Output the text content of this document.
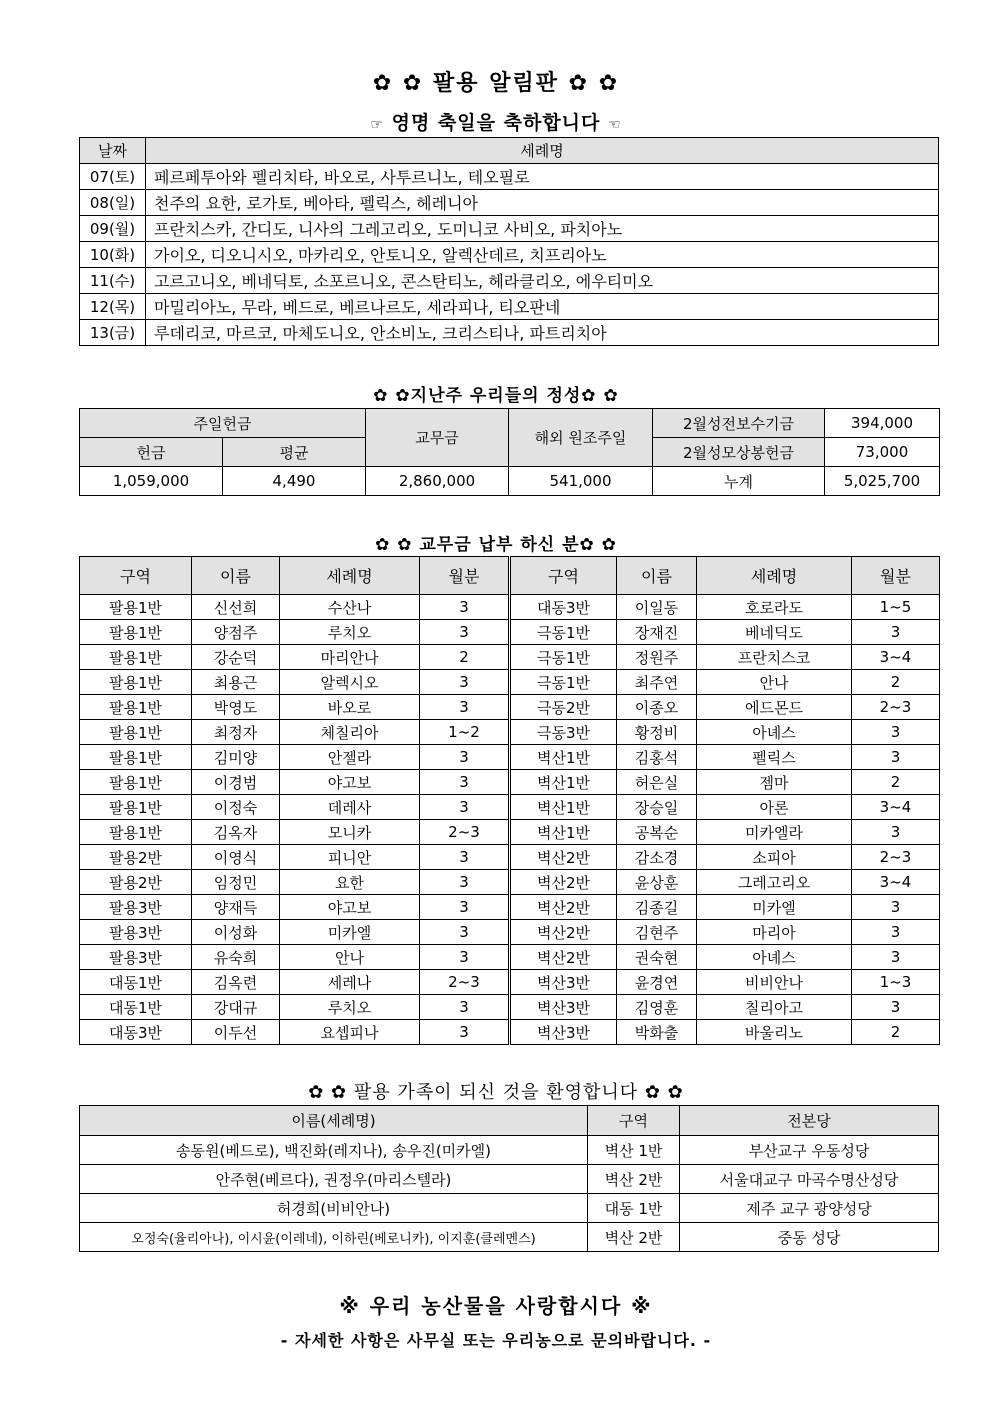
✿ ✿ 팔용 알림판 ✿ ✿
☞ 영명 축일을 축하합니다 ☜
날짜	세례명
07(토)	페르페투아와 펠리치타, 바오로, 사투르니노, 테오필로
08(일)	천주의 요한, 로가토, 베아타, 펠릭스, 헤레니아
09(월)	프란치스카, 간디도, 니사의 그레고리오, 도미니코 사비오, 파치아노
10(화)	가이오, 디오니시오, 마카리오, 안토니오, 알렉산데르, 치프리아노
11(수)	고르고니오, 베네딕토, 소포르니오, 콘스탄티노, 헤라클리오, 에우티미오
12(목)	마밀리아노, 무라, 베드로, 베르나르도, 세라피나, 티오판네
13(금)	루데리코, 마르코, 마체도니오, 안소비노, 크리스티나, 파트리치아
✿ ✿지난주 우리들의 정성✿ ✿
주일헌금		교무금	해외 원조주일	2월성전보수기금	394,000
헌금	평균			2월성모상봉헌금	73,000
1,059,000	4,490	2,860,000	541,000	누계	5,025,700
✿ ✿ 교무금 납부 하신 분✿ ✿
구역	이름	세례명	월분	구역	이름	세례명	월분
팔용1반	신선희	수산나	3	대동3반	이일동	호로라도	1~5
팔용1반	양점주	루치오	3	극동1반	장재진	베네딕도	3
팔용1반	강순덕	마리안나	2	극동1반	정원주	프란치스코	3~4
팔용1반	최용근	알렉시오	3	극동1반	최주연	안나	2
팔용1반	박영도	바오로	3	극동2반	이종오	에드몬드	2~3
팔용1반	최정자	체칠리아	1~2	극동3반	황정비	아녜스	3
팔용1반	김미양	안젤라	3	벽산1반	김홍석	펠릭스	3
팔용1반	이경범	야고보	3	벽산1반	허은실	젬마	2
팔용1반	이정숙	데레사	3	벽산1반	장승일	아론	3~4
팔용1반	김옥자	모니카	2~3	벽산1반	공복순	미카엘라	3
팔용2반	이영식	피니안	3	벽산2반	감소경	소피아	2~3
팔용2반	임정민	요한	3	벽산2반	윤상훈	그레고리오	3~4
팔용3반	양재득	야고보	3	벽산2반	김종길	미카엘	3
팔용3반	이성화	미카엘	3	벽산2반	김현주	마리아	3
팔용3반	유숙희	안나	3	벽산2반	권숙현	아녜스	3
대동1반	김옥련	세레나	2~3	벽산3반	윤경연	비비안나	1~3
대동1반	강대규	루치오	3	벽산3반	김영훈	칠리아고	3
대동3반	이두선	요셉피나	3	벽산3반	박화출	바울리노	2
✿ ✿ 팔용 가족이 되신 것을 환영합니다 ✿ ✿
이름(세례명)	구역	전본당
송동원(베드로), 백진화(레지나), 송우진(미카엘)	벽산 1반	부산교구 우동성당
안주현(베르다), 권정우(마리스텔라)	벽산 2반	서울대교구 마곡수명산성당
허경희(비비안나)	대동 1반	제주 교구 광양성당
오정숙(율리아나), 이시윤(이레네), 이하린(베로니카), 이지훈(클레멘스)	벽산 2반	중동 성당
※ 우리 농산물을 사랑합시다 ※
- 자세한 사항은 사무실 또는 우리농으로 문의바랍니다. -
